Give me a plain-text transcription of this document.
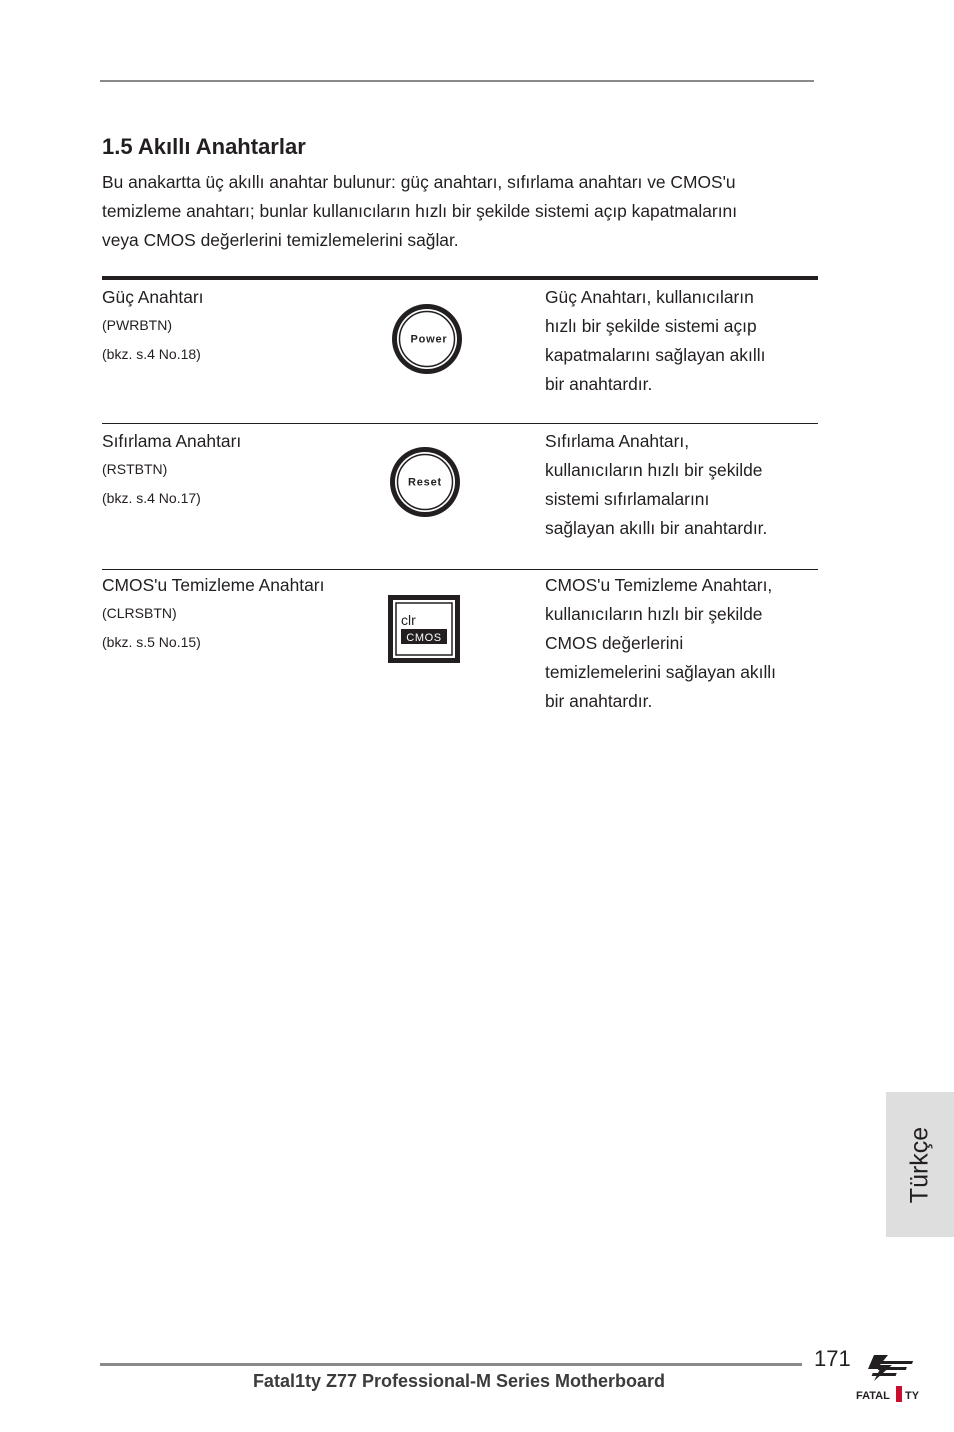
1.5 Akıllı Anahtarlar

Bu anakartta üç akıllı anahtar bulunur: güç anahtarı, sıfırlama anahtarı ve CMOS'u
temizleme anahtarı; bunlar kullanıcıların hızlı bir şekilde sistemi açıp kapatmalarını
veya CMOS değerlerini temizlemelerini sağlar.

Güç Anahtarı
(PWRBTN)
(bkz. s.4 No.18)
Power

Güç Anahtarı, kullanıcıların
hızlı bir şekilde sistemi açıp
kapatmalarını sağlayan akıllı
bir anahtardır.

Sıfırlama Anahtarı
(RSTBTN)
(bkz. s.4 No.17)
Reset

Sıfırlama Anahtarı,
kullanıcıların hızlı bir şekilde
sistemi sıfırlamalarını
sağlayan akıllı bir anahtardır.

CMOS'u Temizleme Anahtarı
(CLRSBTN)
(bkz. s.5 No.15)
clr
CMOS

CMOS'u Temizleme Anahtarı,
kullanıcıların hızlı bir şekilde
CMOS değerlerini
temizlemelerini sağlayan akıllı
bir anahtardır.

Türkçe
171
Fatal1ty Z77 Professional-M Series Motherboard
FATAL TY
